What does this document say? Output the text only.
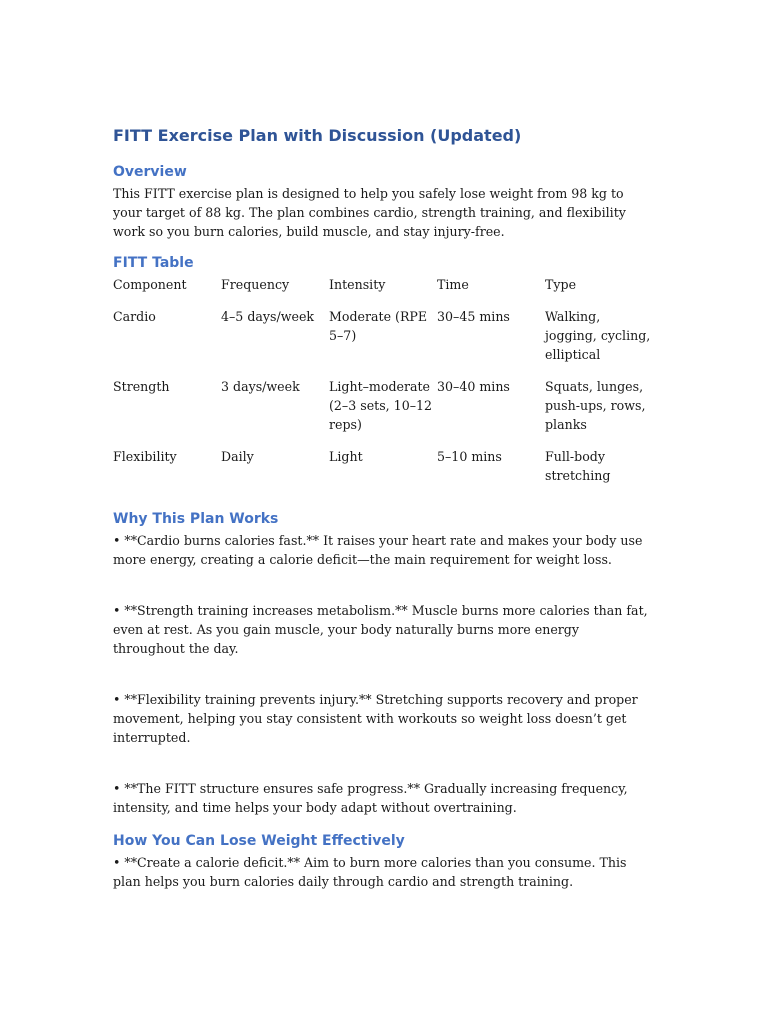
FITT Exercise Plan with Discussion (Updated)
Overview

This FITT exercise plan is designed to help you safely lose weight from 98 kg to your target of 88 kg. The plan combines cardio, strength training, and flexibility work so you burn calories, build muscle, and stay injury-free.

FITT Table
Component	Frequency	Intensity	Time	Type
Cardio	4–5 days/week	Moderate (RPE 5–7)	30–45 mins	Walking, jogging, cycling, elliptical
Strength	3 days/week	Light–moderate (2–3 sets, 10–12 reps)	30–40 mins	Squats, lunges, push-ups, rows, planks
Flexibility	Daily	Light	5–10 mins	Full-body stretching
Why This Plan Works
• **Cardio burns calories fast.** It raises your heart rate and makes your body use more energy, creating a calorie deficit—the main requirement for weight loss.
• **Strength training increases metabolism.** Muscle burns more calories than fat, even at rest. As you gain muscle, your body naturally burns more energy throughout the day.
• **Flexibility training prevents injury.** Stretching supports recovery and proper movement, helping you stay consistent with workouts so weight loss doesn’t get interrupted.
• **The FITT structure ensures safe progress.** Gradually increasing frequency, intensity, and time helps your body adapt without overtraining.
How You Can Lose Weight Effectively
• **Create a calorie deficit.** Aim to burn more calories than you consume. This plan helps you burn calories daily through cardio and strength training.
